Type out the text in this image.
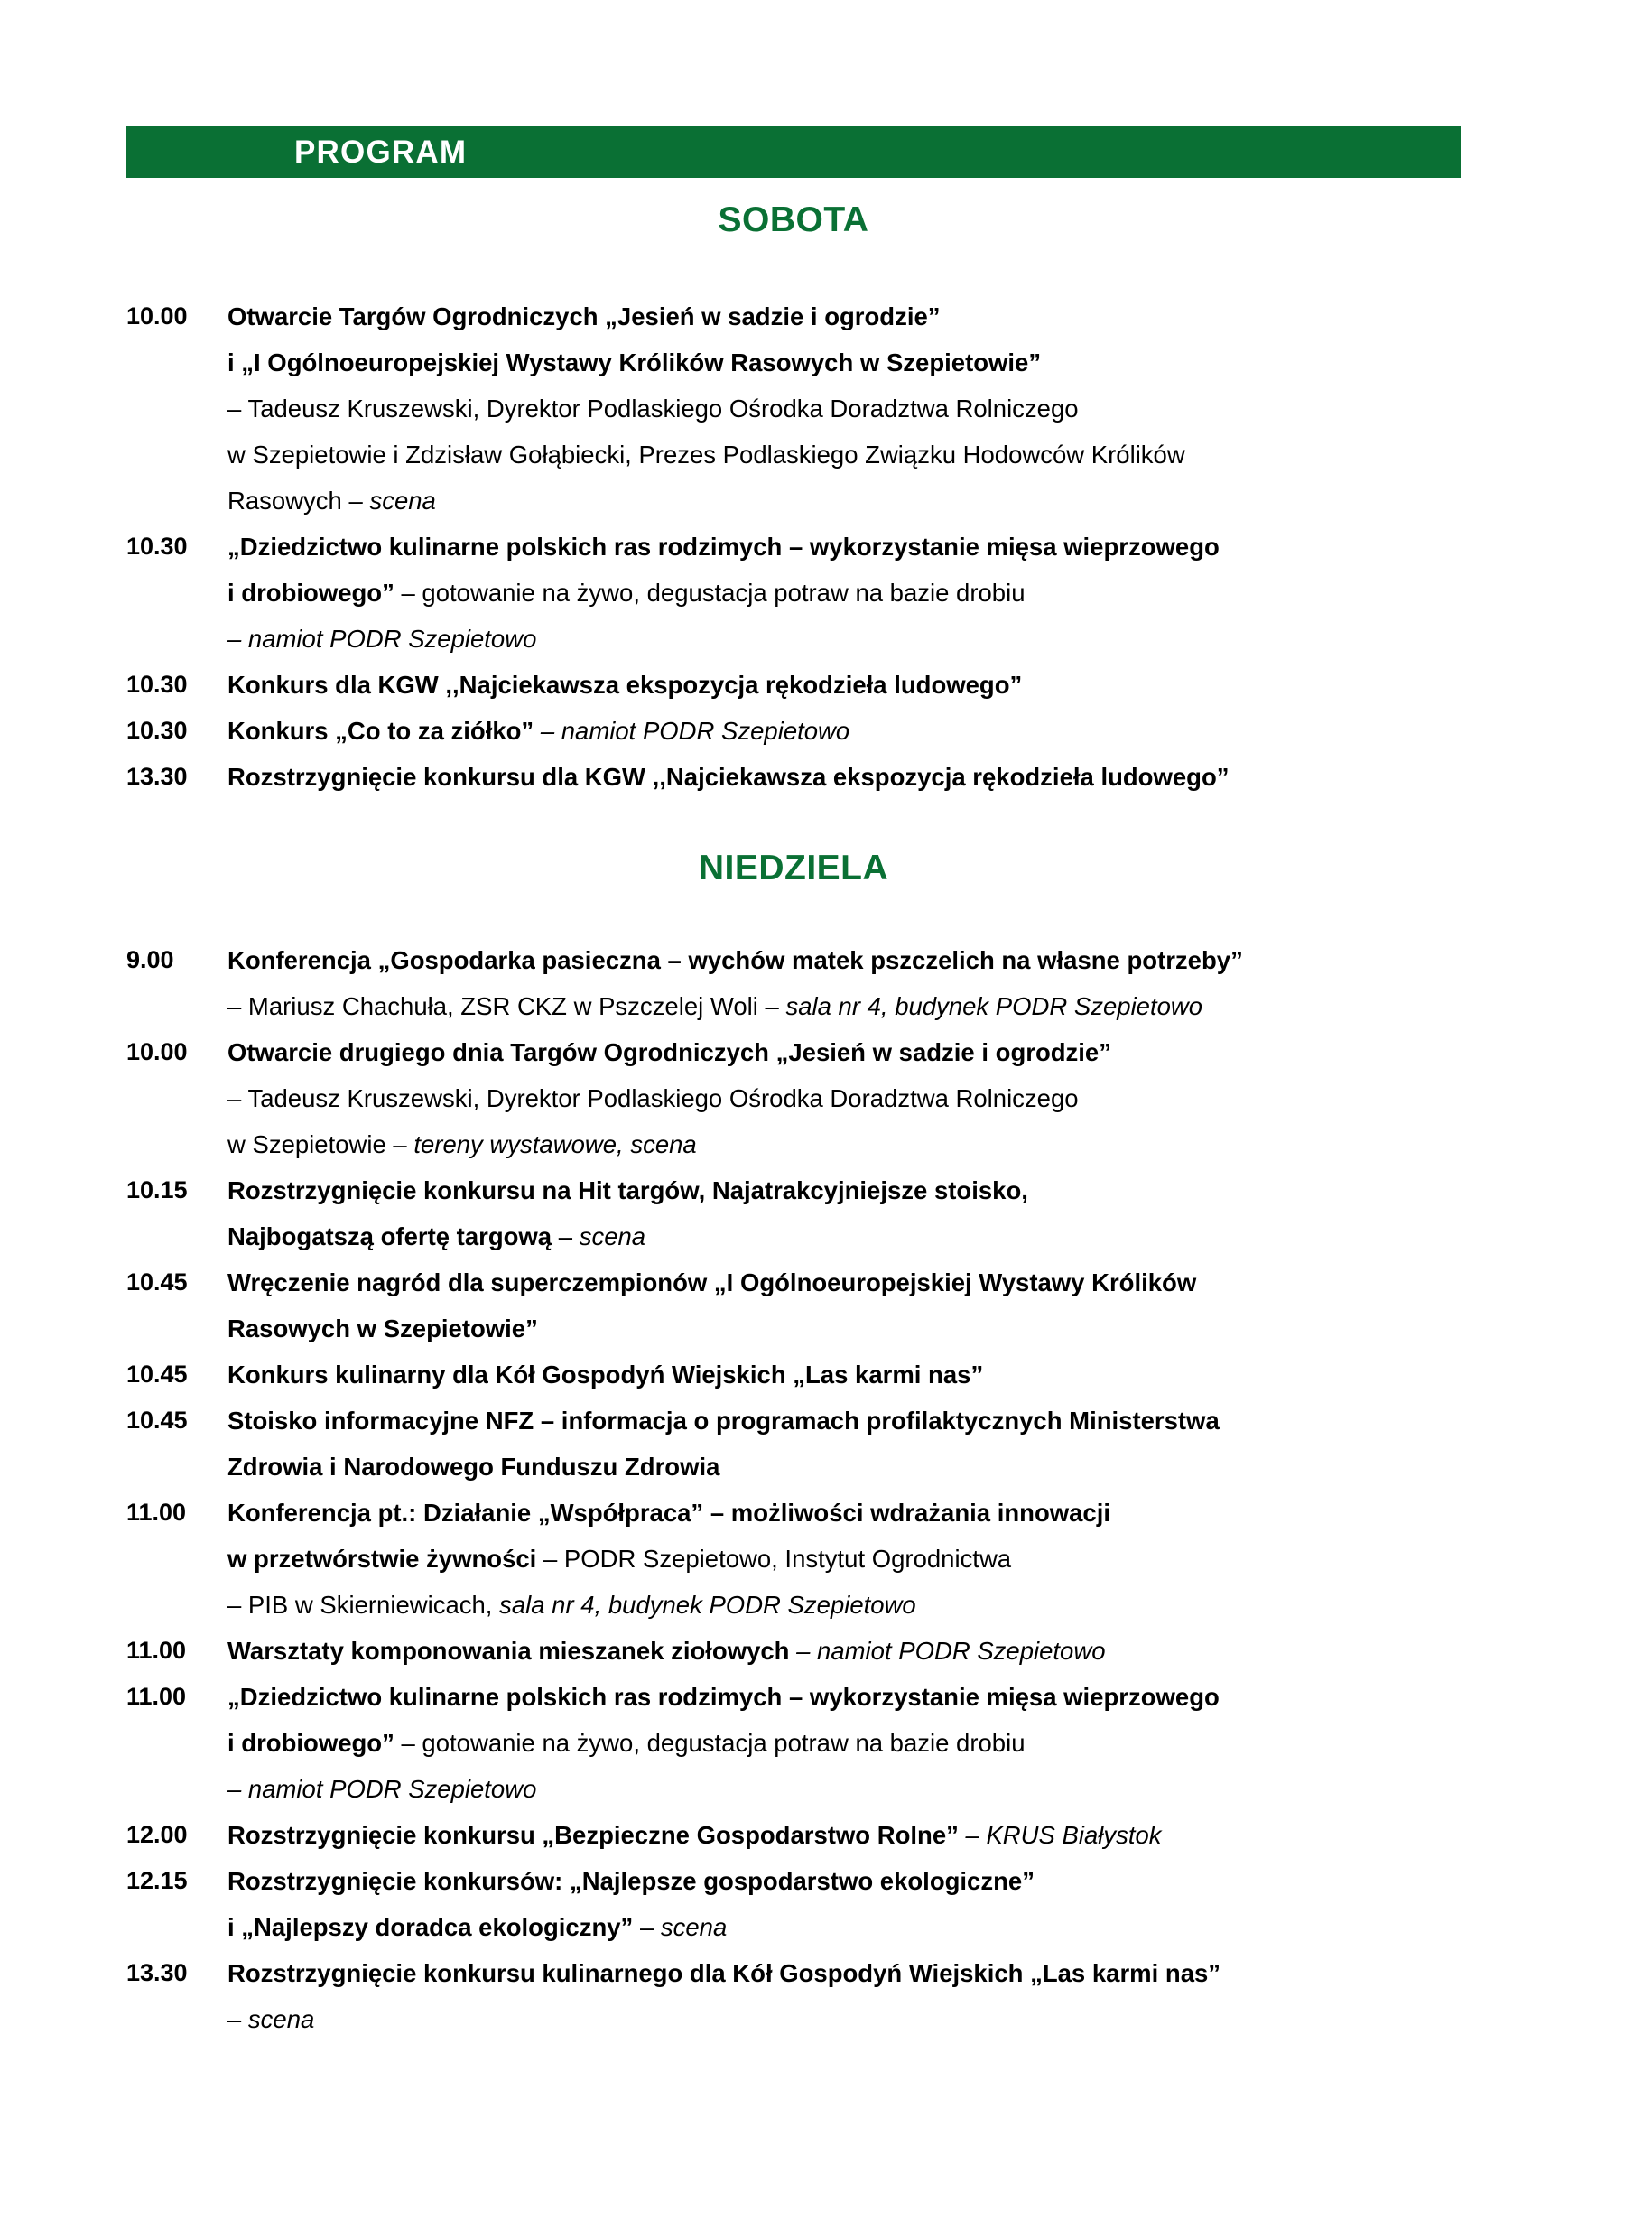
PROGRAM
SOBOTA
10.00	Otwarcie Targów Ogrodniczych „Jesień w sadzie i ogrodzie”
i „I Ogólnoeuropejskiej Wystawy Królików Rasowych w Szepietowie”
– Tadeusz Kruszewski, Dyrektor Podlaskiego Ośrodka Doradztwa Rolniczego
w Szepietowie i Zdzisław Gołąbiecki, Prezes Podlaskiego Związku Hodowców Królików
Rasowych – scena
10.30	„Dziedzictwo kulinarne polskich ras rodzimych – wykorzystanie mięsa wieprzowego
i drobiowego” – gotowanie na żywo, degustacja potraw na bazie drobiu
– namiot PODR Szepietowo
10.30	Konkurs dla KGW ,,Najciekawsza ekspozycja rękodzieła ludowego”
10.30	Konkurs „Co to za ziółko” – namiot PODR Szepietowo
13.30	Rozstrzygnięcie konkursu dla KGW ,,Najciekawsza ekspozycja rękodzieła ludowego”
NIEDZIELA
9.00	Konferencja „Gospodarka pasieczna – wychów matek pszczelich na własne potrzeby”
– Mariusz Chachuła, ZSR CKZ w Pszczelej Woli – sala nr 4, budynek PODR Szepietowo
10.00	Otwarcie drugiego dnia Targów Ogrodniczych „Jesień w sadzie i ogrodzie”
– Tadeusz Kruszewski, Dyrektor Podlaskiego Ośrodka Doradztwa Rolniczego
w Szepietowie – tereny wystawowe, scena
10.15	Rozstrzygnięcie konkursu na Hit targów, Najatrakcyjniejsze stoisko,
Najbogatszą ofertę targową – scena
10.45	Wręczenie nagród dla superczempionów „I Ogólnoeuropejskiej Wystawy Królików
Rasowych w Szepietowie”
10.45	Konkurs kulinarny dla Kół Gospodyń Wiejskich „Las karmi nas”
10.45	Stoisko informacyjne NFZ – informacja o programach profilaktycznych Ministerstwa
Zdrowia i Narodowego Funduszu Zdrowia
11.00	Konferencja pt.: Działanie „Współpraca” – możliwości wdrażania innowacji
w przetwórstwie żywności – PODR Szepietowo, Instytut Ogrodnictwa
– PIB w Skierniewicach, sala nr 4, budynek PODR Szepietowo
11.00	Warsztaty komponowania mieszanek ziołowych – namiot PODR Szepietowo
11.00	„Dziedzictwo kulinarne polskich ras rodzimych – wykorzystanie mięsa wieprzowego
i drobiowego” – gotowanie na żywo, degustacja potraw na bazie drobiu
– namiot PODR Szepietowo
12.00	Rozstrzygnięcie konkursu „Bezpieczne Gospodarstwo Rolne” – KRUS Białystok
12.15	Rozstrzygnięcie konkursów: „Najlepsze gospodarstwo ekologiczne”
i „Najlepszy doradca ekologiczny” – scena
13.30	Rozstrzygnięcie konkursu kulinarnego dla Kół Gospodyń Wiejskich „Las karmi nas”
– scena
